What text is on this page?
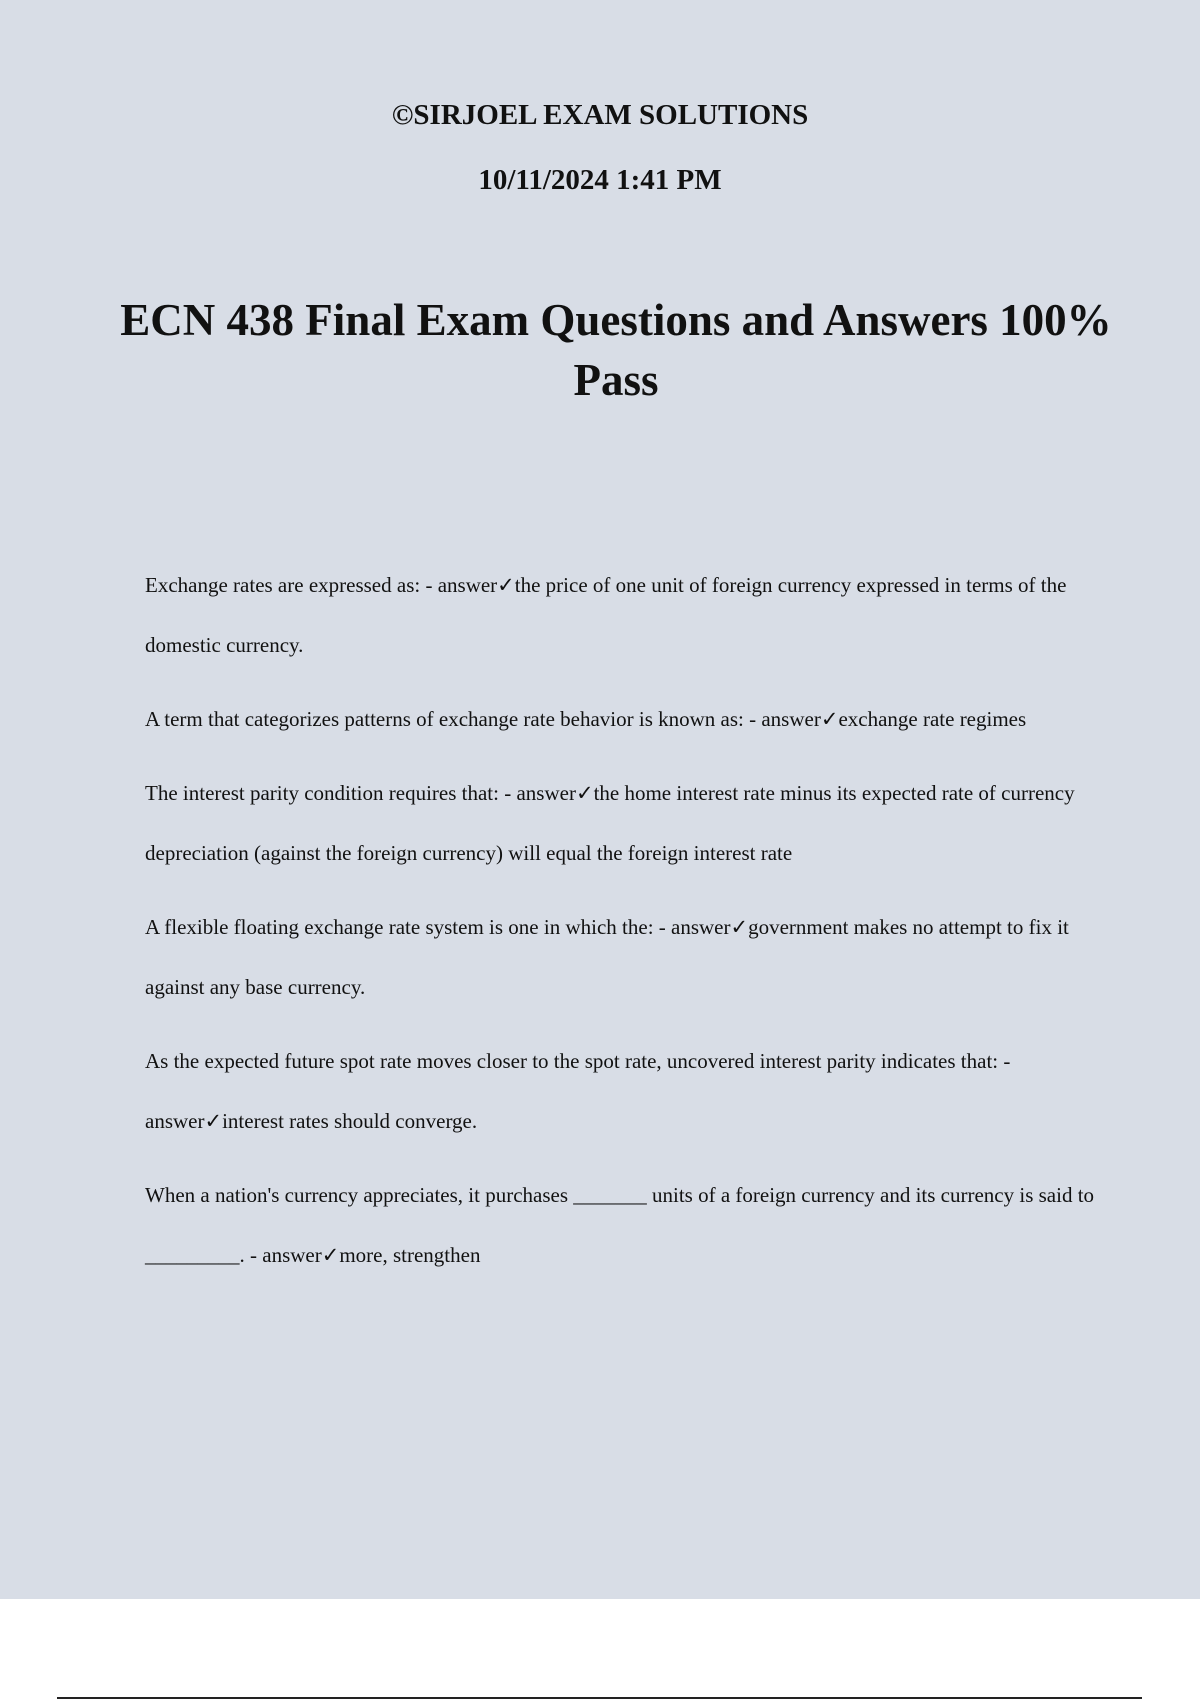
©SIRJOEL EXAM SOLUTIONS
10/11/2024 1:41 PM
ECN 438 Final Exam Questions and Answers 100% Pass

Exchange rates are expressed as: - answer✓the price of one unit of foreign currency expressed in terms of the domestic currency.

A term that categorizes patterns of exchange rate behavior is known as: - answer✓exchange rate regimes

The interest parity condition requires that: - answer✓the home interest rate minus its expected rate of currency depreciation (against the foreign currency) will equal the foreign interest rate

A flexible floating exchange rate system is one in which the: - answer✓government makes no attempt to fix it against any base currency.

As the expected future spot rate moves closer to the spot rate, uncovered interest parity indicates that: - answer✓interest rates should converge.

When a nation's currency appreciates, it purchases _______ units of a foreign currency and its currency is said to _________. - answer✓more, strengthen
